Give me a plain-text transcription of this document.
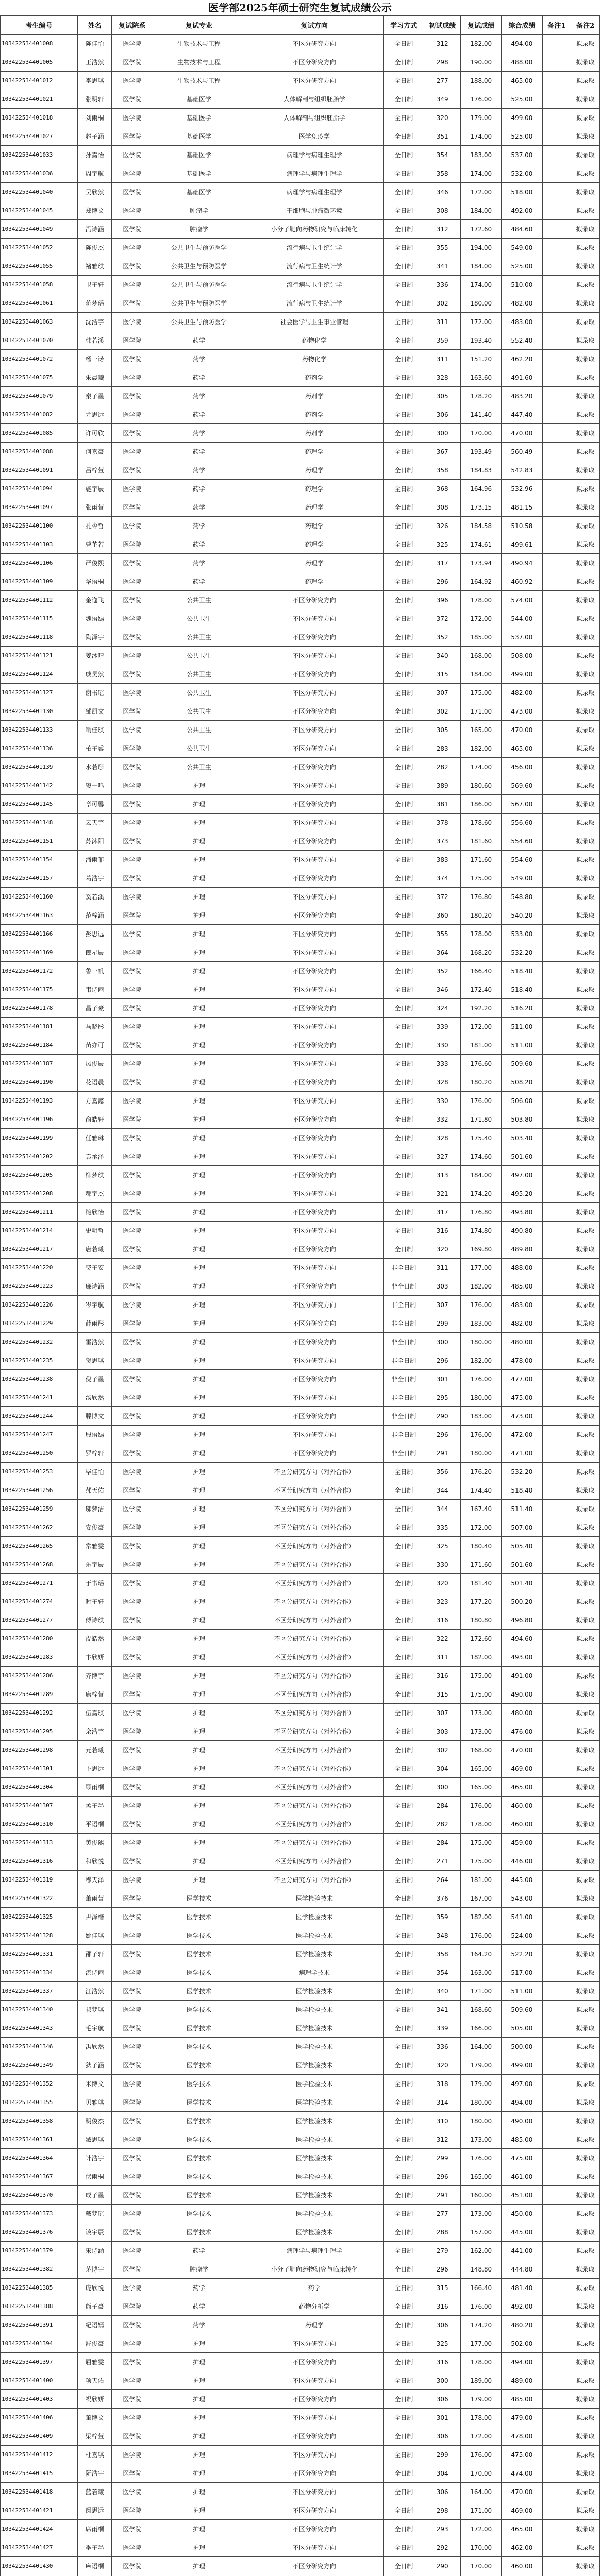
医学部2025年硕士研究生复试成绩公示
考生编号	姓名	复试院系	复试专业	复试方向	学习方式	初试成绩	复试成绩	综合成绩	备注1	备注2
103422534401008	陈佳怡	医学院	生物技术与工程	不区分研究方向	全日制	312	182.00	494.00		拟录取
103422534401005	王浩然	医学院	生物技术与工程	不区分研究方向	全日制	298	190.00	488.00		拟录取
103422534401012	李思琪	医学院	生物技术与工程	不区分研究方向	全日制	277	188.00	465.00		拟录取
103422534401021	张明轩	医学院	基础医学	人体解剖与组织胚胎学	全日制	349	176.00	525.00		拟录取
103422534401018	刘雨桐	医学院	基础医学	人体解剖与组织胚胎学	全日制	320	179.00	499.00		拟录取
103422534401027	赵子涵	医学院	基础医学	医学免疫学	全日制	351	174.00	525.00		拟录取
103422534401033	孙嘉怡	医学院	基础医学	病理学与病理生理学	全日制	354	183.00	537.00		拟录取
103422534401036	周宇航	医学院	基础医学	病理学与病理生理学	全日制	358	174.00	532.00		拟录取
103422534401040	吴欣然	医学院	基础医学	病理学与病理生理学	全日制	346	172.00	518.00		拟录取
103422534401045	郑博文	医学院	肿瘤学	干细胞与肿瘤微环境	全日制	308	184.00	492.00		拟录取
103422534401049	冯诗涵	医学院	肿瘤学	小分子靶向药物研究与临床转化	全日制	312	172.60	484.60		拟录取
103422534401052	陈俊杰	医学院	公共卫生与预防医学	流行病与卫生统计学	全日制	355	194.00	549.00		拟录取
103422534401055	褚雅琪	医学院	公共卫生与预防医学	流行病与卫生统计学	全日制	341	184.00	525.00		拟录取
103422534401058	卫子轩	医学院	公共卫生与预防医学	流行病与卫生统计学	全日制	336	174.00	510.00		拟录取
103422534401061	蒋梦瑶	医学院	公共卫生与预防医学	流行病与卫生统计学	全日制	302	180.00	482.00		拟录取
103422534401063	沈浩宇	医学院	公共卫生与预防医学	社会医学与卫生事业管理	全日制	311	172.00	483.00		拟录取
103422534401070	韩若溪	医学院	药学	药物化学	全日制	359	193.40	552.40		拟录取
103422534401072	杨一诺	医学院	药学	药物化学	全日制	311	151.20	462.20		拟录取
103422534401075	朱晨曦	医学院	药学	药剂学	全日制	328	163.60	491.60		拟录取
103422534401079	秦子墨	医学院	药学	药剂学	全日制	305	178.20	483.20		拟录取
103422534401082	尤思远	医学院	药学	药剂学	全日制	306	141.40	447.40		拟录取
103422534401085	许可欣	医学院	药学	药剂学	全日制	300	170.00	470.00		拟录取
103422534401088	何嘉豪	医学院	药学	药理学	全日制	367	193.49	560.49		拟录取
103422534401091	吕梓萱	医学院	药学	药理学	全日制	358	184.83	542.83		拟录取
103422534401094	施宇辰	医学院	药学	药理学	全日制	368	164.96	532.96		拟录取
103422534401097	张雨萱	医学院	药学	药理学	全日制	308	173.15	481.15		拟录取
103422534401100	孔令哲	医学院	药学	药理学	全日制	326	184.58	510.58		拟录取
103422534401103	曹芷若	医学院	药学	药理学	全日制	325	174.61	499.61		拟录取
103422534401106	严俊熙	医学院	药学	药理学	全日制	317	173.94	490.94		拟录取
103422534401109	华语桐	医学院	药学	药理学	全日制	296	164.92	460.92		拟录取
103422534401112	金逸飞	医学院	公共卫生	不区分研究方向	全日制	396	178.00	574.00		拟录取
103422534401115	魏语嫣	医学院	公共卫生	不区分研究方向	全日制	372	172.00	544.00		拟录取
103422534401118	陶泽宇	医学院	公共卫生	不区分研究方向	全日制	352	185.00	537.00		拟录取
103422534401121	姜沐晴	医学院	公共卫生	不区分研究方向	全日制	340	168.00	508.00		拟录取
103422534401124	戚昊然	医学院	公共卫生	不区分研究方向	全日制	315	184.00	499.00		拟录取
103422534401127	谢书瑶	医学院	公共卫生	不区分研究方向	全日制	307	175.00	482.00		拟录取
103422534401130	邹凯文	医学院	公共卫生	不区分研究方向	全日制	302	171.00	473.00		拟录取
103422534401133	喻佳琪	医学院	公共卫生	不区分研究方向	全日制	305	165.00	470.00		拟录取
103422534401136	柏子睿	医学院	公共卫生	不区分研究方向	全日制	283	182.00	465.00		拟录取
103422534401139	水若彤	医学院	公共卫生	不区分研究方向	全日制	282	174.00	456.00		拟录取
103422534401142	窦一鸣	医学院	护理	不区分研究方向	全日制	389	180.60	569.60		拟录取
103422534401145	章可馨	医学院	护理	不区分研究方向	全日制	381	186.00	567.00		拟录取
103422534401148	云天宇	医学院	护理	不区分研究方向	全日制	378	178.60	556.60		拟录取
103422534401151	苏沐阳	医学院	护理	不区分研究方向	全日制	373	181.60	554.60		拟录取
103422534401154	潘雨菲	医学院	护理	不区分研究方向	全日制	383	171.60	554.60		拟录取
103422534401157	葛浩宇	医学院	护理	不区分研究方向	全日制	374	175.00	549.00		拟录取
103422534401160	奚若溪	医学院	护理	不区分研究方向	全日制	372	176.80	548.80		拟录取
103422534401163	范梓涵	医学院	护理	不区分研究方向	全日制	360	180.20	540.20		拟录取
103422534401166	彭思远	医学院	护理	不区分研究方向	全日制	355	178.00	533.00		拟录取
103422534401169	郎星辰	医学院	护理	不区分研究方向	全日制	364	168.20	532.20		拟录取
103422534401172	鲁一帆	医学院	护理	不区分研究方向	全日制	352	166.40	518.40		拟录取
103422534401175	韦诗雨	医学院	护理	不区分研究方向	全日制	346	172.40	518.40		拟录取
103422534401178	昌子豪	医学院	护理	不区分研究方向	全日制	324	192.20	516.20		拟录取
103422534401181	马晓彤	医学院	护理	不区分研究方向	全日制	339	172.00	511.00		拟录取
103422534401184	苗亦可	医学院	护理	不区分研究方向	全日制	330	181.00	511.00		拟录取
103422534401187	凤俊辰	医学院	护理	不区分研究方向	全日制	333	176.60	509.60		拟录取
103422534401190	花语晨	医学院	护理	不区分研究方向	全日制	328	180.20	508.20		拟录取
103422534401193	方嘉懿	医学院	护理	不区分研究方向	全日制	330	176.00	506.00		拟录取
103422534401196	俞皓轩	医学院	护理	不区分研究方向	全日制	332	171.80	503.80		拟录取
103422534401199	任雅琳	医学院	护理	不区分研究方向	全日制	328	175.40	503.40		拟录取
103422534401202	袁承泽	医学院	护理	不区分研究方向	全日制	327	174.60	501.60		拟录取
103422534401205	柳梦琪	医学院	护理	不区分研究方向	全日制	313	184.00	497.00		拟录取
103422534401208	酆宇杰	医学院	护理	不区分研究方向	全日制	321	174.20	495.20		拟录取
103422534401211	鲍欣怡	医学院	护理	不区分研究方向	全日制	317	176.80	493.80		拟录取
103422534401214	史明哲	医学院	护理	不区分研究方向	全日制	316	174.80	490.80		拟录取
103422534401217	唐若曦	医学院	护理	不区分研究方向	全日制	320	169.80	489.80		拟录取
103422534401220	费子安	医学院	护理	不区分研究方向	非全日制	311	177.00	488.00		拟录取
103422534401223	廉诗涵	医学院	护理	不区分研究方向	非全日制	303	182.00	485.00		拟录取
103422534401226	岑宇航	医学院	护理	不区分研究方向	非全日制	307	176.00	483.00		拟录取
103422534401229	薛雨彤	医学院	护理	不区分研究方向	非全日制	299	183.00	482.00		拟录取
103422534401232	雷浩然	医学院	护理	不区分研究方向	非全日制	300	180.00	480.00		拟录取
103422534401235	贺思琪	医学院	护理	不区分研究方向	非全日制	296	182.00	478.00		拟录取
103422534401238	倪子墨	医学院	护理	不区分研究方向	非全日制	301	176.00	477.00		拟录取
103422534401241	汤欣然	医学院	护理	不区分研究方向	非全日制	295	180.00	475.00		拟录取
103422534401244	滕博文	医学院	护理	不区分研究方向	非全日制	290	183.00	473.00		拟录取
103422534401247	殷语嫣	医学院	护理	不区分研究方向	非全日制	296	176.00	472.00		拟录取
103422534401250	罗梓轩	医学院	护理	不区分研究方向	非全日制	291	180.00	471.00		拟录取
103422534401253	毕佳怡	医学院	护理	不区分研究方向（对外合作）	全日制	356	176.20	532.20		拟录取
103422534401256	郝天佑	医学院	护理	不区分研究方向（对外合作）	全日制	344	174.40	518.40		拟录取
103422534401259	邬梦洁	医学院	护理	不区分研究方向（对外合作）	全日制	344	167.40	511.40		拟录取
103422534401262	安俊豪	医学院	护理	不区分研究方向（对外合作）	全日制	335	172.00	507.00		拟录取
103422534401265	常雅雯	医学院	护理	不区分研究方向（对外合作）	全日制	325	180.40	505.40		拟录取
103422534401268	乐宇辰	医学院	护理	不区分研究方向（对外合作）	全日制	330	171.60	501.60		拟录取
103422534401271	于书瑶	医学院	护理	不区分研究方向（对外合作）	全日制	320	181.40	501.40		拟录取
103422534401274	时子轩	医学院	护理	不区分研究方向（对外合作）	全日制	323	177.20	500.20		拟录取
103422534401277	傅诗琪	医学院	护理	不区分研究方向（对外合作）	全日制	316	180.80	496.80		拟录取
103422534401280	皮皓然	医学院	护理	不区分研究方向（对外合作）	全日制	322	172.60	494.60		拟录取
103422534401283	卞欣妍	医学院	护理	不区分研究方向（对外合作）	全日制	311	182.00	493.00		拟录取
103422534401286	齐博宇	医学院	护理	不区分研究方向（对外合作）	全日制	316	175.00	491.00		拟录取
103422534401289	康梓萱	医学院	护理	不区分研究方向（对外合作）	全日制	315	175.00	490.00		拟录取
103422534401292	伍嘉琪	医学院	护理	不区分研究方向（对外合作）	全日制	307	173.00	480.00		拟录取
103422534401295	余浩宇	医学院	护理	不区分研究方向（对外合作）	全日制	303	173.00	476.00		拟录取
103422534401298	元若曦	医学院	护理	不区分研究方向（对外合作）	全日制	302	168.00	470.00		拟录取
103422534401301	卜思远	医学院	护理	不区分研究方向（对外合作）	全日制	304	165.00	469.00		拟录取
103422534401304	顾雨桐	医学院	护理	不区分研究方向（对外合作）	全日制	300	165.00	465.00		拟录取
103422534401307	孟子墨	医学院	护理	不区分研究方向（对外合作）	全日制	284	176.00	460.00		拟录取
103422534401310	平语桐	医学院	护理	不区分研究方向（对外合作）	全日制	282	178.00	460.00		拟录取
103422534401313	黄俊熙	医学院	护理	不区分研究方向（对外合作）	全日制	284	175.00	459.00		拟录取
103422534401316	和欣悦	医学院	护理	不区分研究方向（对外合作）	全日制	271	175.00	446.00		拟录取
103422534401319	穆天泽	医学院	护理	不区分研究方向（对外合作）	全日制	264	181.00	445.00		拟录取
103422534401322	萧雨萱	医学院	医学技术	医学检验技术	全日制	376	167.00	543.00		拟录取
103422534401325	尹泽楷	医学院	医学技术	医学检验技术	全日制	359	182.00	541.00		拟录取
103422534401328	姚佳琪	医学院	医学技术	医学检验技术	全日制	348	176.00	524.00		拟录取
103422534401331	邵子轩	医学院	医学技术	医学检验技术	全日制	358	164.20	522.20		拟录取
103422534401334	湛诗雨	医学院	医学技术	病理学技术	全日制	354	163.00	517.00		拟录取
103422534401337	汪浩然	医学院	医学技术	医学检验技术	全日制	340	171.00	511.00		拟录取
103422534401340	祁梦琪	医学院	医学技术	医学检验技术	全日制	341	168.60	509.60		拟录取
103422534401343	毛宇航	医学院	医学技术	医学检验技术	全日制	339	166.00	505.00		拟录取
103422534401346	禹欣然	医学院	医学技术	医学检验技术	全日制	336	164.00	500.00		拟录取
103422534401349	狄子涵	医学院	医学技术	医学检验技术	全日制	320	179.00	499.00		拟录取
103422534401352	米博文	医学院	医学技术	医学检验技术	全日制	318	179.00	497.00		拟录取
103422534401355	贝雅琪	医学院	医学技术	医学检验技术	全日制	314	180.00	494.00		拟录取
103422534401358	明俊杰	医学院	医学技术	医学检验技术	全日制	310	180.00	490.00		拟录取
103422534401361	臧思琪	医学院	医学技术	医学检验技术	全日制	312	173.00	485.00		拟录取
103422534401364	计浩宇	医学院	医学技术	医学检验技术	全日制	299	176.00	475.00		拟录取
103422534401367	伏雨桐	医学院	医学技术	医学检验技术	全日制	296	165.00	461.00		拟录取
103422534401370	成子墨	医学院	医学技术	医学检验技术	全日制	291	160.00	451.00		拟录取
103422534401373	戴梦瑶	医学院	医学技术	医学检验技术	全日制	277	173.00	450.00		拟录取
103422534401376	谈宇辰	医学院	医学技术	医学检验技术	全日制	288	157.00	445.00		拟录取
103422534401379	宋诗涵	医学院	药学	病理学与病理生理学	全日制	279	162.00	441.00		拟录取
103422534401382	茅博宇	医学院	肿瘤学	小分子靶向药物研究与临床转化	全日制	296	148.80	444.80		拟录取
103422534401385	庞欣悦	医学院	药学	药学	全日制	315	166.40	481.40		拟录取
103422534401388	熊子豪	医学院	药学	药物分析学	全日制	316	176.00	492.00		拟录取
103422534401391	纪语嫣	医学院	药学	药理学	全日制	306	174.20	480.20		拟录取
103422534401394	舒俊豪	医学院	护理	不区分研究方向	全日制	325	177.00	502.00		拟录取
103422534401397	屈雅雯	医学院	护理	不区分研究方向	全日制	316	178.00	494.00		拟录取
103422534401400	项天佑	医学院	护理	不区分研究方向	全日制	300	189.00	489.00		拟录取
103422534401403	祝欣妍	医学院	护理	不区分研究方向	全日制	306	179.00	485.00		拟录取
103422534401406	董博文	医学院	护理	不区分研究方向	全日制	301	178.00	479.00		拟录取
103422534401409	梁梓萱	医学院	护理	不区分研究方向	全日制	306	172.00	478.00		拟录取
103422534401412	杜嘉琪	医学院	护理	不区分研究方向	全日制	299	176.00	475.00		拟录取
103422534401415	阮浩宇	医学院	护理	不区分研究方向	全日制	304	170.00	474.00		拟录取
103422534401418	蓝若曦	医学院	护理	不区分研究方向	全日制	306	164.00	470.00		拟录取
103422534401421	闵思远	医学院	护理	不区分研究方向	全日制	298	171.00	469.00		拟录取
103422534401424	席雨桐	医学院	护理	不区分研究方向	全日制	293	172.00	465.00		拟录取
103422534401427	季子墨	医学院	护理	不区分研究方向	全日制	292	170.00	462.00		拟录取
103422534401430	麻语桐	医学院	护理	不区分研究方向	全日制	290	170.00	460.00		拟录取
